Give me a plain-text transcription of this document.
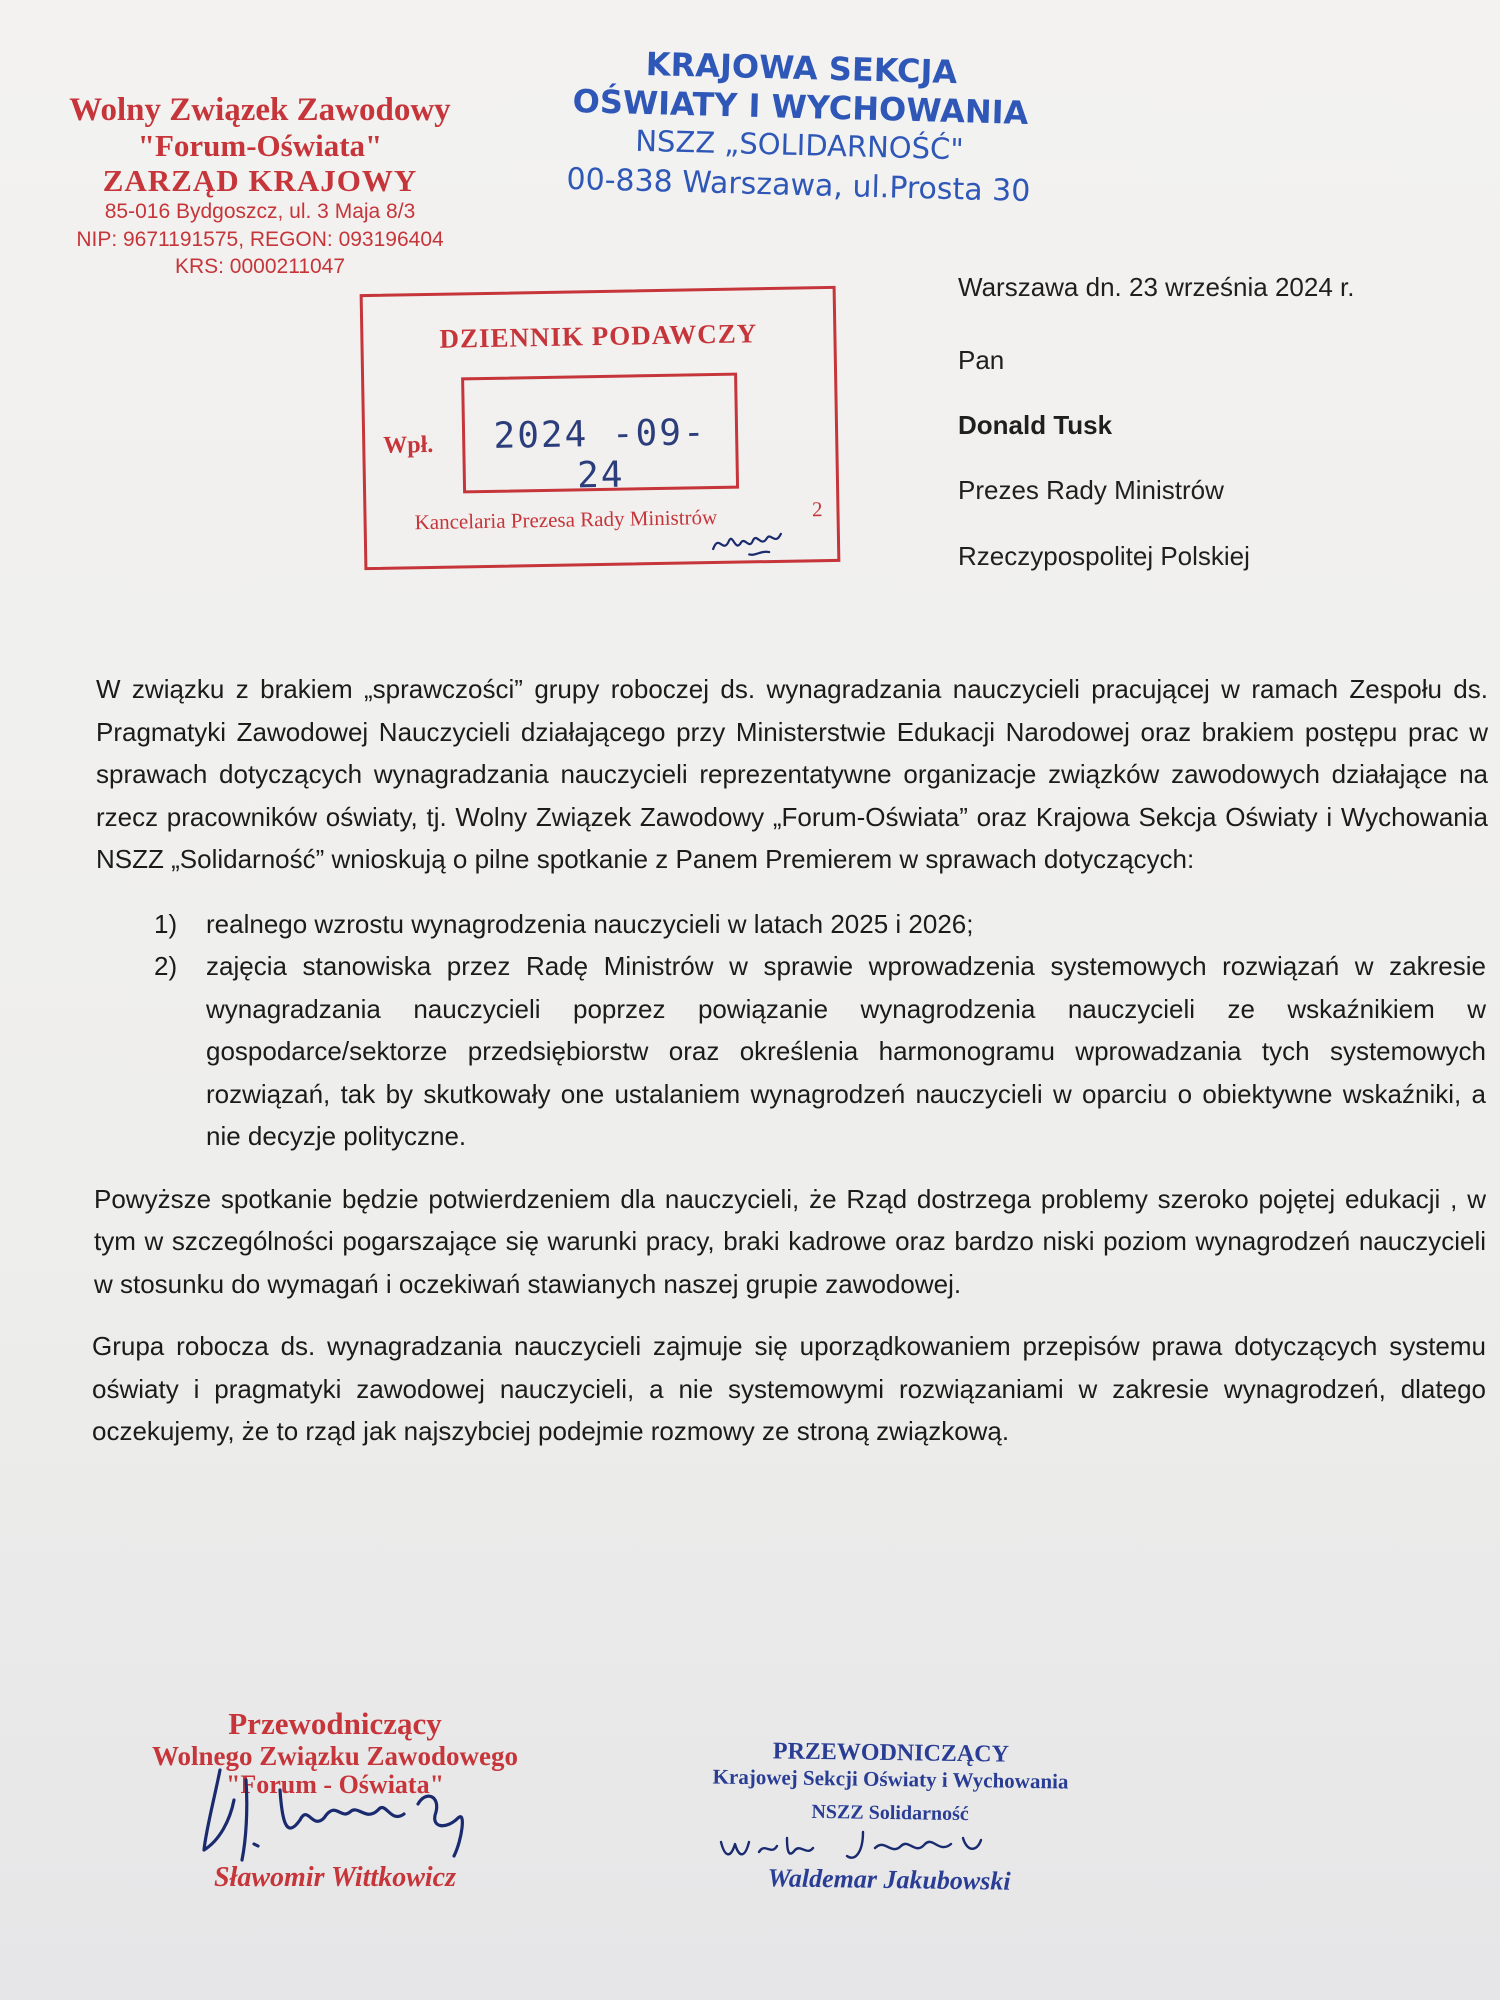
Wolny Związek Zawodowy
"Forum-Oświata"
ZARZĄD KRAJOWY
85-016 Bydgoszcz, ul. 3 Maja 8/3
NIP: 9671191575, REGON: 093196404
KRS: 0000211047
KRAJOWA SEKCJA
OŚWIATY I WYCHOWANIA
NSZZ „SOLIDARNOŚĆ"
00-838 Warszawa, ul.Prosta 30
DZIENNIK PODAWCZY
Wpł.	2024 -09- 24
Kancelaria Prezesa Rady Ministrów	2
Warszawa dn. 23 września 2024 r.
Pan
Donald Tusk
Prezes Rady Ministrów
Rzeczypospolitej Polskiej

W związku z brakiem „sprawczości” grupy roboczej ds. wynagradzania nauczycieli pracującej w ramach Zespołu ds. Pragmatyki Zawodowej Nauczycieli działającego przy Ministerstwie Edukacji Narodowej oraz brakiem postępu prac w sprawach dotyczących wynagradzania nauczycieli reprezentatywne organizacje związków zawodowych działające na rzecz pracowników oświaty, tj. Wolny Związek Zawodowy „Forum-Oświata” oraz Krajowa Sekcja Oświaty i Wychowania NSZZ „Solidarność” wnioskują o pilne spotkanie z Panem Premierem w sprawach dotyczących:

1) realnego wzrostu wynagrodzenia nauczycieli w latach 2025 i 2026;
2) zajęcia stanowiska przez Radę Ministrów w sprawie wprowadzenia systemowych rozwiązań w zakresie wynagradzania nauczycieli poprzez powiązanie wynagrodzenia nauczycieli ze wskaźnikiem w gospodarce/sektorze przedsiębiorstw oraz określenia harmonogramu wprowadzania tych systemowych rozwiązań, tak by skutkowały one ustalaniem wynagrodzeń nauczycieli w oparciu o obiektywne wskaźniki, a nie decyzje polityczne.

Powyższe spotkanie będzie potwierdzeniem dla nauczycieli, że Rząd dostrzega problemy szeroko pojętej edukacji , w tym w szczególności pogarszające się warunki pracy, braki kadrowe oraz bardzo niski poziom wynagrodzeń nauczycieli w stosunku do wymagań i oczekiwań stawianych naszej grupie zawodowej.

Grupa robocza ds. wynagradzania nauczycieli zajmuje się uporządkowaniem przepisów prawa dotyczących systemu oświaty i pragmatyki zawodowej nauczycieli, a nie systemowymi rozwiązaniami w zakresie wynagrodzeń, dlatego oczekujemy, że to rząd jak najszybciej podejmie rozmowy ze stroną związkową.

Przewodniczący
Wolnego Związku Zawodowego
"Forum - Oświata"
Sławomir Wittkowicz
PRZEWODNICZĄCY
Krajowej Sekcji Oświaty i Wychowania
NSZZ Solidarność
Waldemar Jakubowski
